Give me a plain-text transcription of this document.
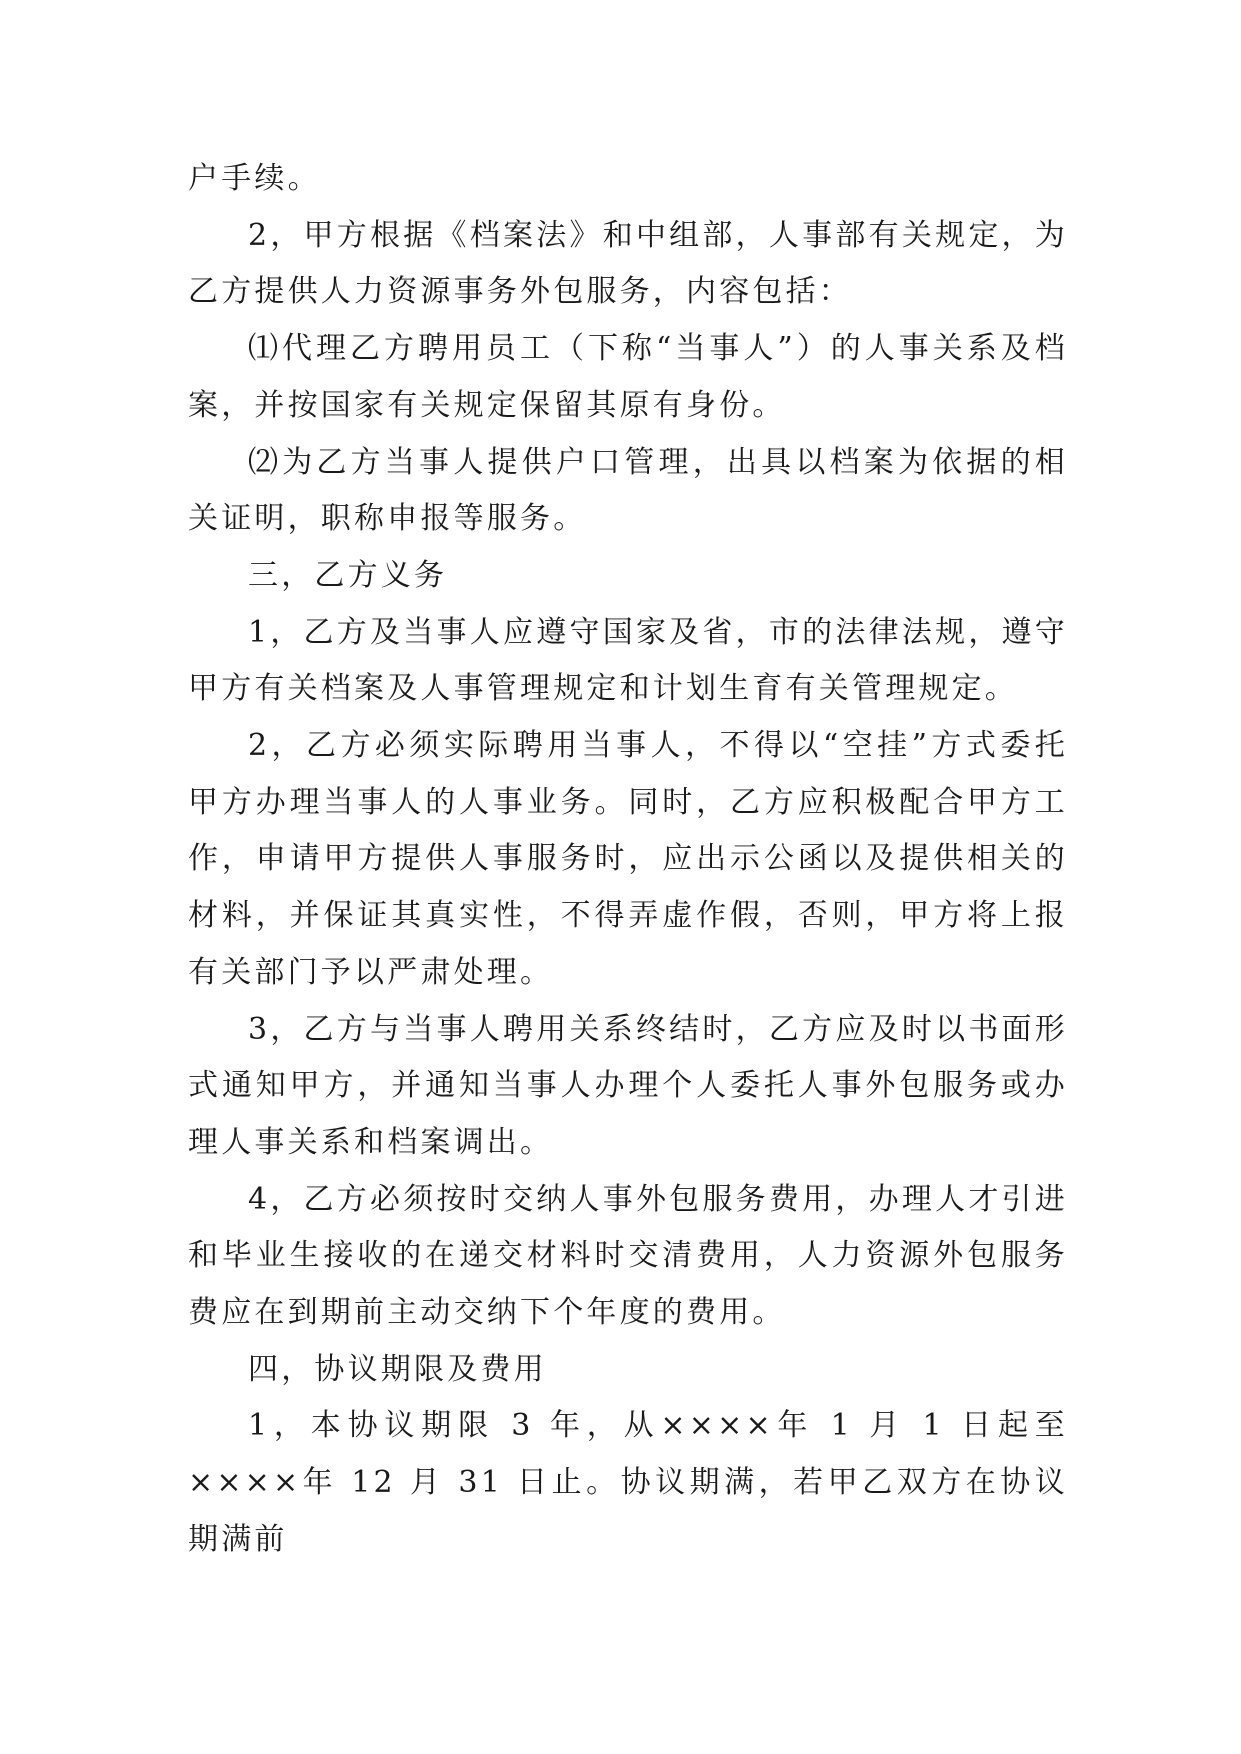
户手续。

2，甲方根据《档案法》和中组部，人事部有关规定，为乙方提供人力资源事务外包服务，内容包括：

⑴代理乙方聘用员工（下称“当事人”）的人事关系及档案，并按国家有关规定保留其原有身份。

⑵为乙方当事人提供户口管理，出具以档案为依据的相关证明，职称申报等服务。

三，乙方义务

1，乙方及当事人应遵守国家及省，市的法律法规，遵守甲方有关档案及人事管理规定和计划生育有关管理规定。

2，乙方必须实际聘用当事人，不得以“空挂”方式委托甲方办理当事人的人事业务。同时，乙方应积极配合甲方工作，申请甲方提供人事服务时，应出示公函以及提供相关的材料，并保证其真实性，不得弄虚作假，否则，甲方将上报有关部门予以严肃处理。

3，乙方与当事人聘用关系终结时，乙方应及时以书面形式通知甲方，并通知当事人办理个人委托人事外包服务或办理人事关系和档案调出。

4，乙方必须按时交纳人事外包服务费用，办理人才引进和毕业生接收的在递交材料时交清费用，人力资源外包服务费应在到期前主动交纳下个年度的费用。

四，协议期限及费用

1，本协议期限 3 年，从××××年 1 月 1 日起至××××年 12 月 31 日止。协议期满，若甲乙双方在协议期满前
